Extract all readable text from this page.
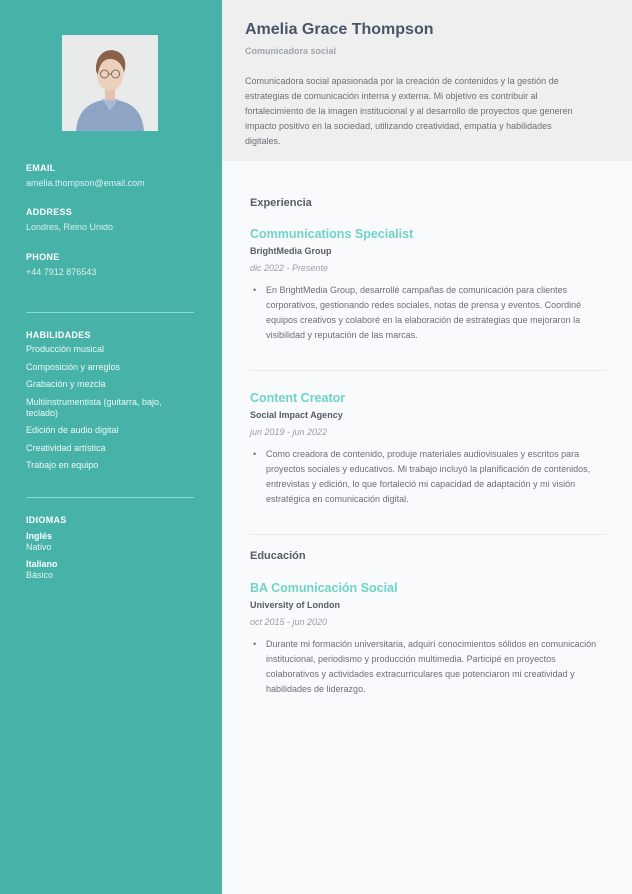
EMAIL
amelia.thompson@email.com
ADDRESS
Londres, Reino Unido
PHONE
+44 7912 876543
HABILIDADES
Producción musical
Composición y arreglos
Grabación y mezcla
Multiinstrumentista (guitarra, bajo, teclado)
Edición de audio digital
Creatividad artística
Trabajo en equipo
IDIOMAS
Inglés
Nativo
Italiano
Básico
Amelia Grace Thompson
Comunicadora social

Comunicadora social apasionada por la creación de contenidos y la gestión de estrategias de comunicación interna y externa. Mi objetivo es contribuir al fortalecimiento de la imagen institucional y al desarrollo de proyectos que generen impacto positivo en la sociedad, utilizando creatividad, empatía y habilidades digitales.

Experiencia
Communications Specialist
BrightMedia Group
dic 2022 - Presente
• En BrightMedia Group, desarrollé campañas de comunicación para clientes corporativos, gestionando redes sociales, notas de prensa y eventos. Coordiné equipos creativos y colaboré en la elaboración de estrategias que mejoraron la visibilidad y reputación de las marcas.
Content Creator
Social Impact Agency
jun 2019 - jun 2022
• Como creadora de contenido, produje materiales audiovisuales y escritos para proyectos sociales y educativos. Mi trabajo incluyó la planificación de contenidos, entrevistas y edición, lo que fortaleció mi capacidad de adaptación y mi visión estratégica en comunicación digital.
Educación
BA Comunicación Social
University of London
oct 2015 - jun 2020
• Durante mi formación universitaria, adquirí conocimientos sólidos en comunicación institucional, periodismo y producción multimedia. Participé en proyectos colaborativos y actividades extracurriculares que potenciaron mi creatividad y habilidades de liderazgo.
